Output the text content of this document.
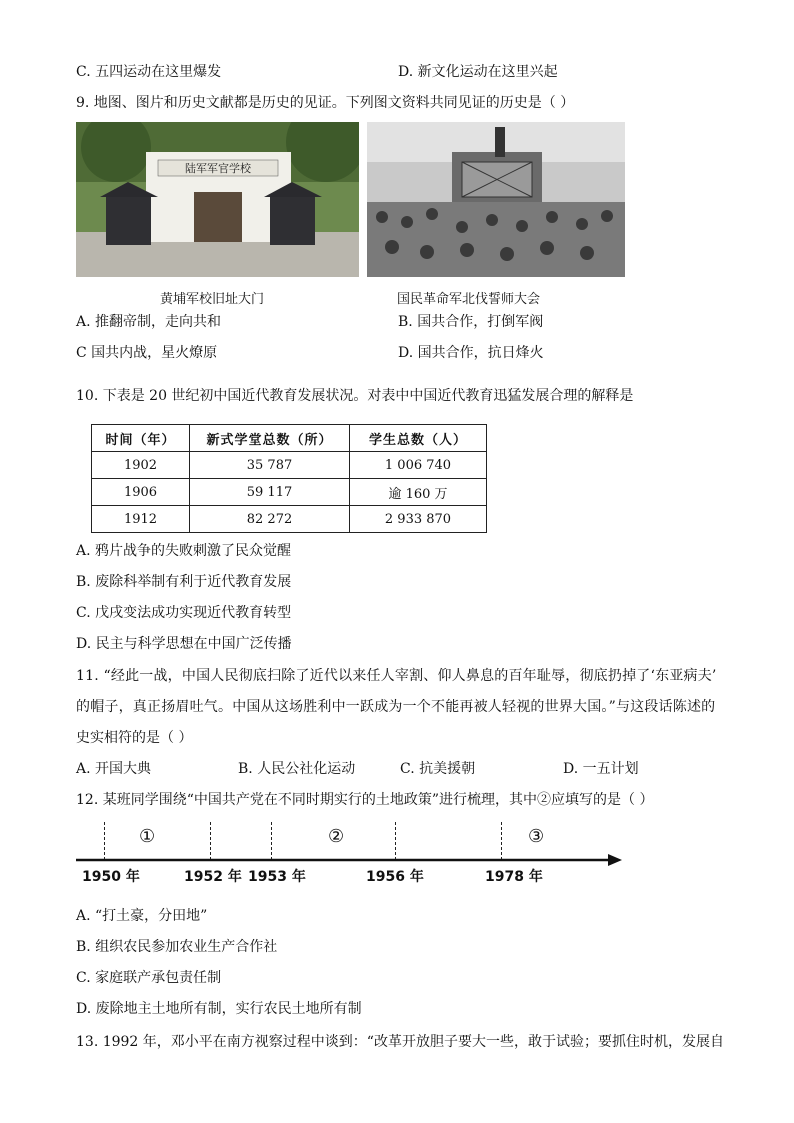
C. 五四运动在这里爆发	D. 新文化运动在这里兴起
9. 地图、图片和历史文献都是历史的见证。下列图文资料共同见证的历史是（ ）
陆军军官学校
黄埔军校旧址大门	国民革命军北伐誓师大会
A. 推翻帝制，走向共和	B. 国共合作，打倒军阀
C 国共内战，星火燎原	D. 国共合作，抗日烽火
10. 下表是 20 世纪初中国近代教育发展状况。对表中中国近代教育迅猛发展合理的解释是
时间（年）	新式学堂总数（所）	学生总数（人）
1902	35 787	1 006 740
1906	59 117	逾 160 万
1912	82 272	2 933 870
A. 鸦片战争的失败刺激了民众觉醒
B. 废除科举制有利于近代教育发展
C. 戊戌变法成功实现近代教育转型
D. 民主与科学思想在中国广泛传播
11. “经此一战，中国人民彻底扫除了近代以来任人宰割、仰人鼻息的百年耻辱，彻底扔掉了‘东亚病夫’
的帽子，真正扬眉吐气。中国从这场胜利中一跃成为一个不能再被人轻视的世界大国。”与这段话陈述的
史实相符的是（ ）
A. 开国大典	B. 人民公社化运动	C. 抗美援朝	D. 一五计划
12. 某班同学围绕“中国共产党在不同时期实行的土地政策”进行梳理，其中②应填写的是（ ）
①	②	③
1950 年	1952 年 1953 年	1956 年	1978 年
A. “打土豪，分田地”
B. 组织农民参加农业生产合作社
C. 家庭联产承包责任制
D. 废除地主土地所有制，实行农民土地所有制
13. 1992 年，邓小平在南方视察过程中谈到：“改革开放胆子要大一些，敢于试验；要抓住时机，发展自
